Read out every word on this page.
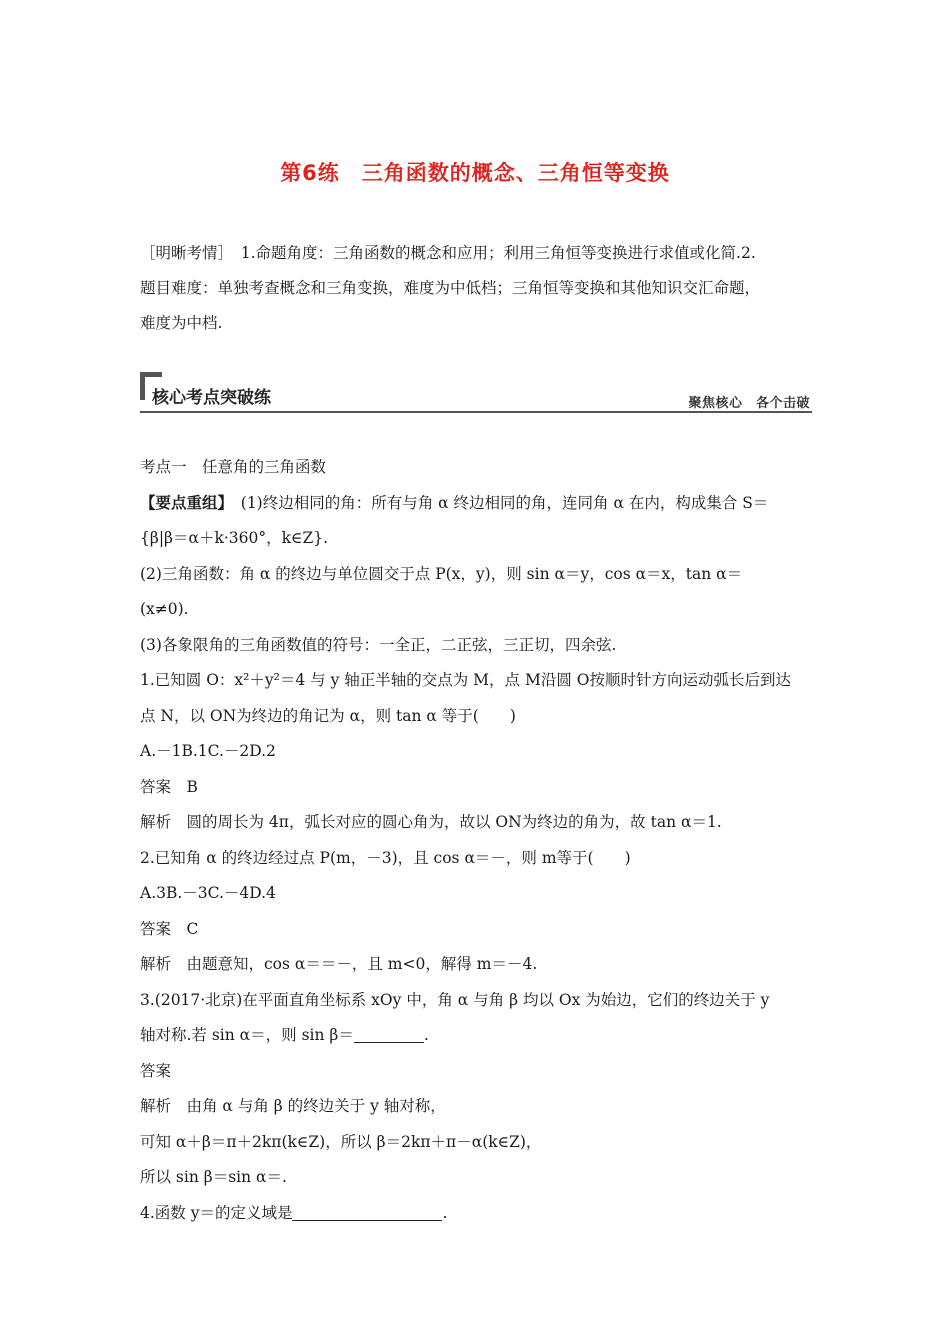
第6练　三角函数的概念、三角恒等变换
［明晰考情］　1.命题角度：三角函数的概念和应用；利用三角恒等变换进行求值或化简.2.
题目难度：单独考查概念和三角变换，难度为中低档；三角恒等变换和其他知识交汇命题，
难度为中档.
核心考点突破练	聚焦核心　各个击破
考点一　任意角的三角函数
【要点重组】　(1)终边相同的角：所有与角 α 终边相同的角，连同角 α 在内，构成集合 S＝
{β|β＝α＋k·360°，k∈Z}.
(2)三角函数：角 α 的终边与单位圆交于点 P(x，y)，则 sin α＝y，cos α＝x，tan α＝
(x≠0).
(3)各象限角的三角函数值的符号：一全正，二正弦，三正切，四余弦.
1.已知圆 O：x²＋y²＝4 与 y 轴正半轴的交点为 M，点 M沿圆 O按顺时针方向运动弧长后到达
点 N，以 ON为终边的角记为 α，则 tan α 等于(　　)
A.－1B.1C.－2D.2
答案　B
解析　圆的周长为 4π，弧长对应的圆心角为，故以 ON为终边的角为，故 tan α＝1.
2.已知角 α 的终边经过点 P(m，－3)，且 cos α＝－，则 m等于(　　)
A.3B.－3C.－4D.4
答案　C
解析　由题意知，cos α＝＝－，且 m<0，解得 m＝－4.
3.(2017·北京)在平面直角坐标系 xOy 中，角 α 与角 β 均以 Ox 为始边，它们的终边关于 y
轴对称.若 sin α＝，则 sin β＝	.
答案
解析　由角 α 与角 β 的终边关于 y 轴对称，
可知 α＋β＝π＋2kπ(k∈Z)，所以 β＝2kπ＋π－α(k∈Z)，
所以 sin β＝sin α＝.
4.函数 y＝的定义域是	.
